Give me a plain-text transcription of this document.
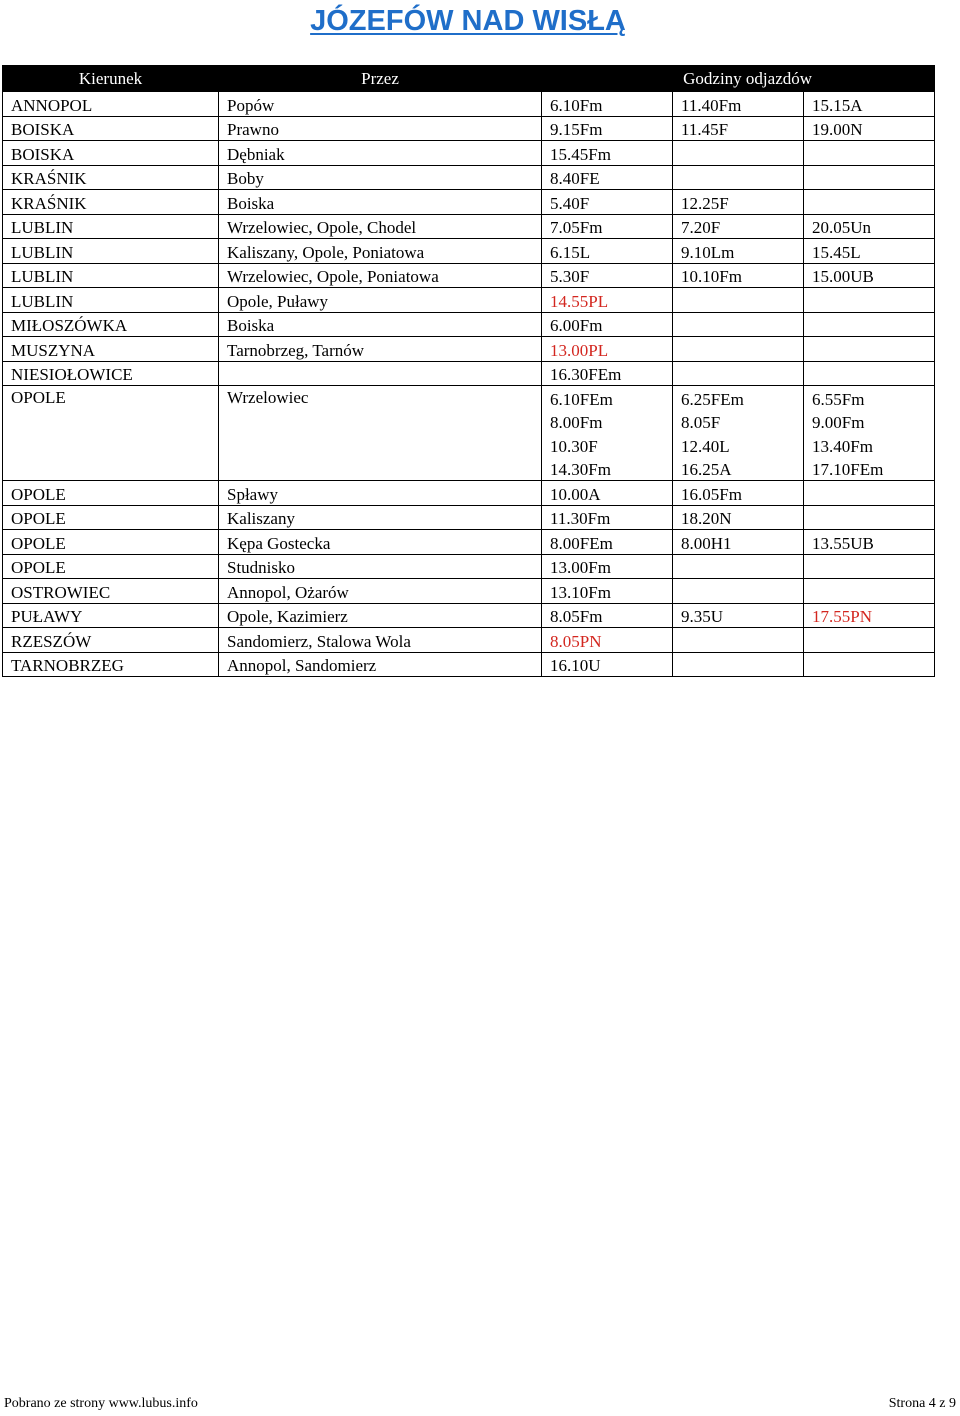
JÓZEFÓW NAD WISŁĄ
Kierunek	Przez	Godziny odjazdów		
ANNOPOL	Popów	6.10Fm	11.40Fm	15.15A
BOISKA	Prawno	9.15Fm	11.45F	19.00N
BOISKA	Dębniak	15.45Fm		
KRAŚNIK	Boby	8.40FE		
KRAŚNIK	Boiska	5.40F	12.25F	
LUBLIN	Wrzelowiec, Opole, Chodel	7.05Fm	7.20F	20.05Un
LUBLIN	Kaliszany, Opole, Poniatowa	6.15L	9.10Lm	15.45L
LUBLIN	Wrzelowiec, Opole, Poniatowa	5.30F	10.10Fm	15.00UB
LUBLIN	Opole, Puławy	14.55PL		
MIŁOSZÓWKA	Boiska	6.00Fm		
MUSZYNA	Tarnobrzeg, Tarnów	13.00PL		
NIESIOŁOWICE		16.30FEm		
OPOLE	Wrzelowiec	6.10FEm	6.25FEm	6.55Fm
		8.00Fm	8.05F	9.00Fm
		10.30F	12.40L	13.40Fm
		14.30Fm	16.25A	17.10FEm
OPOLE	Spławy	10.00A	16.05Fm	
OPOLE	Kaliszany	11.30Fm	18.20N	
OPOLE	Kępa Gostecka	8.00FEm	8.00H1	13.55UB
OPOLE	Studnisko	13.00Fm		
OSTROWIEC	Annopol, Ożarów	13.10Fm		
PUŁAWY	Opole, Kazimierz	8.05Fm	9.35U	17.55PN
RZESZÓW	Sandomierz, Stalowa Wola	8.05PN		
TARNOBRZEG	Annopol, Sandomierz	16.10U		
Pobrano ze strony www.lubus.info	Strona 4 z 9
